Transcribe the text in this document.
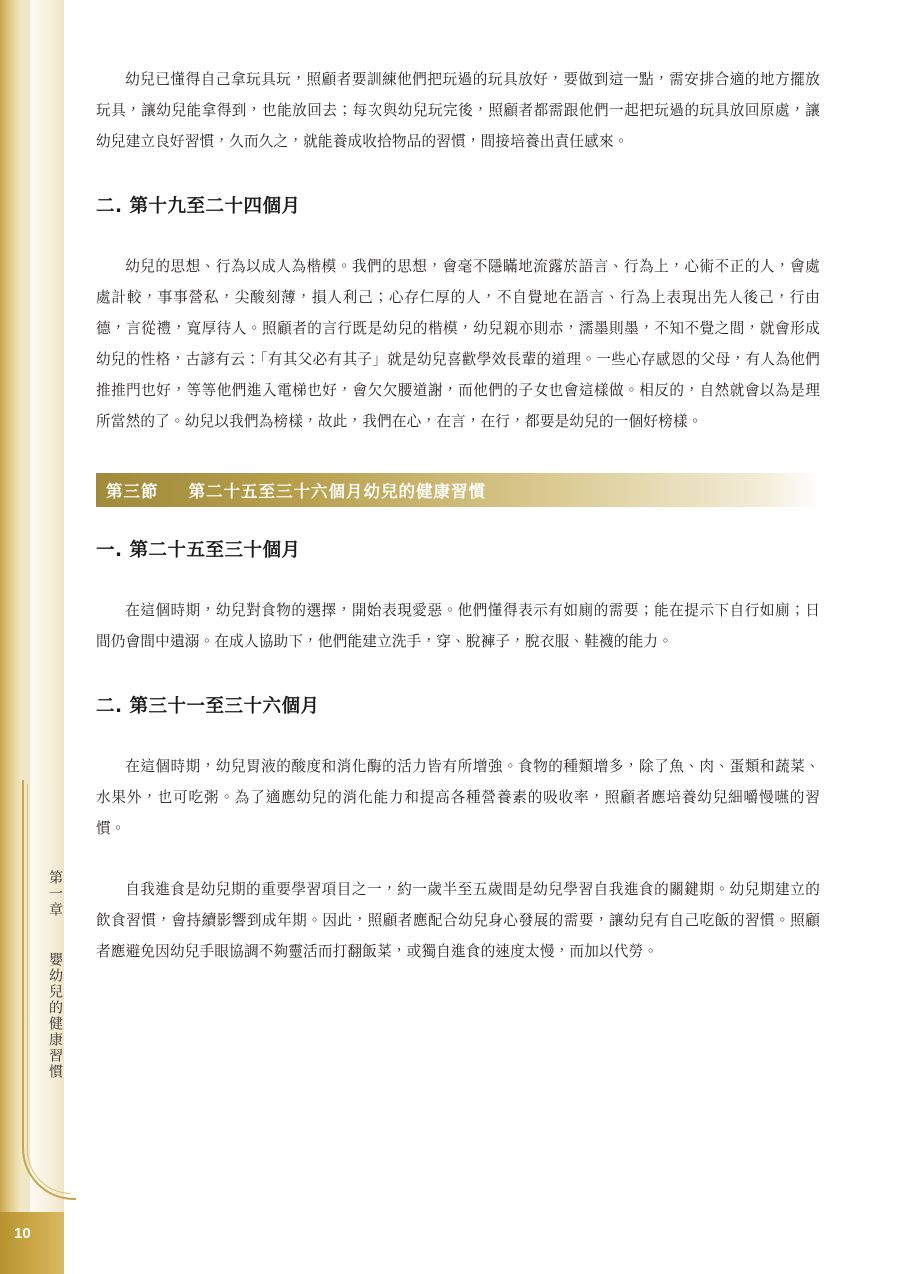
第一章 嬰幼兒的健康習慣
10

幼兒已懂得自己拿玩具玩，照顧者要訓練他們把玩過的玩具放好，要做到這一點，需安排合適的地方擺放玩具，讓幼兒能拿得到，也能放回去；每次與幼兒玩完後，照顧者都需跟他們一起把玩過的玩具放回原處，讓幼兒建立良好習慣，久而久之，就能養成收拾物品的習慣，間接培養出責任感來。

二. 第十九至二十四個月

幼兒的思想、行為以成人為楷模。我們的思想，會毫不隱瞞地流露於語言、行為上，心術不正的人，會處處計較，事事營私，尖酸刻薄，損人利己；心存仁厚的人，不自覺地在語言、行為上表現出先人後己，行由德，言從禮，寬厚待人。照顧者的言行既是幼兒的楷模，幼兒親亦則赤，濡墨則墨，不知不覺之間，就會形成幼兒的性格，古諺有云：「有其父必有其子」就是幼兒喜歡學效長輩的道理。一些心存感恩的父母，有人為他們推推門也好，等等他們進入電梯也好，會欠欠腰道謝，而他們的子女也會這樣做。相反的，自然就會以為是理所當然的了。幼兒以我們為榜樣，故此，我們在心，在言，在行，都要是幼兒的一個好榜樣。

第三節 第二十五至三十六個月幼兒的健康習慣
一. 第二十五至三十個月

在這個時期，幼兒對食物的選擇，開始表現愛惡。他們懂得表示有如廁的需要；能在提示下自行如廁；日間仍會間中遺溺。在成人協助下，他們能建立洗手，穿、脫褲子，脫衣服、鞋襪的能力。

二. 第三十一至三十六個月

在這個時期，幼兒胃液的酸度和消化酶的活力皆有所增強。食物的種類增多，除了魚、肉、蛋類和蔬菜、水果外，也可吃粥。為了適應幼兒的消化能力和提高各種營養素的吸收率，照顧者應培養幼兒細嚼慢嚥的習慣。

自我進食是幼兒期的重要學習項目之一，約一歲半至五歲間是幼兒學習自我進食的關鍵期。幼兒期建立的飲食習慣，會持續影響到成年期。因此，照顧者應配合幼兒身心發展的需要，讓幼兒有自己吃飯的習慣。照顧者應避免因幼兒手眼協調不夠靈活而打翻飯菜，或獨自進食的速度太慢，而加以代勞。
